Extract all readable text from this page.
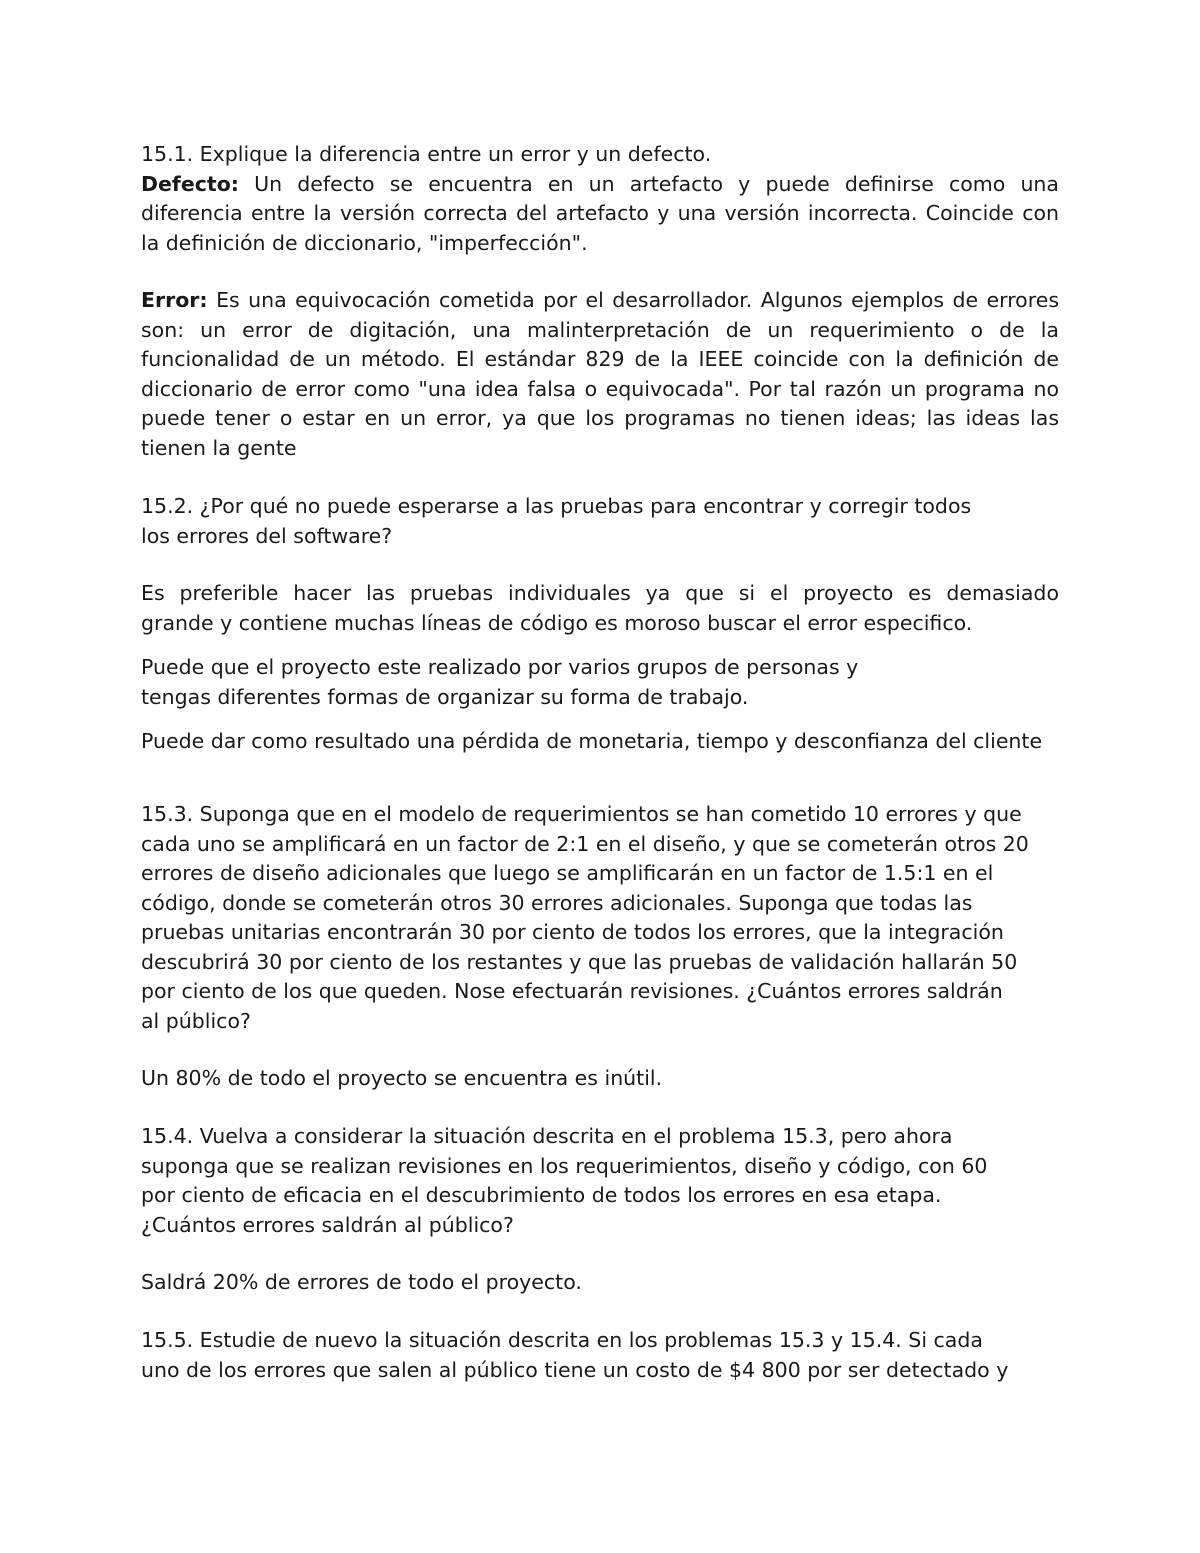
15.1. Explique la diferencia entre un error y un defecto.

Defecto: Un defecto se encuentra en un artefacto y puede definirse como una diferencia entre la versión correcta del artefacto y una versión incorrecta. Coincide con la definición de diccionario, "imperfección".

Error: Es una equivocación cometida por el desarrollador. Algunos ejemplos de errores son: un error de digitación, una malinterpretación de un requerimiento o de la funcionalidad de un método. El estándar 829 de la IEEE coincide con la definición de diccionario de error como "una idea falsa o equivocada". Por tal razón un programa no puede tener o estar en un error, ya que los programas no tienen ideas; las ideas las tienen la gente

15.2. ¿Por qué no puede esperarse a las pruebas para encontrar y corregir todos
los errores del software?

Es preferible hacer las pruebas individuales ya que si el proyecto es demasiado
grande y contiene muchas líneas de código es moroso buscar el error especifico.

Puede que el proyecto este realizado por varios grupos de personas y
tengas diferentes formas de organizar su forma de trabajo.

Puede dar como resultado una pérdida de monetaria, tiempo y desconfianza del cliente

15.3. Suponga que en el modelo de requerimientos se han cometido 10 errores y que
cada uno se amplificará en un factor de 2:1 en el diseño, y que se cometerán otros 20
errores de diseño adicionales que luego se amplificarán en un factor de 1.5:1 en el
código, donde se cometerán otros 30 errores adicionales. Suponga que todas las
pruebas unitarias encontrarán 30 por ciento de todos los errores, que la integración
descubrirá 30 por ciento de los restantes y que las pruebas de validación hallarán 50
por ciento de los que queden. Nose efectuarán revisiones. ¿Cuántos errores saldrán
al público?

Un 80% de todo el proyecto se encuentra es inútil.

15.4. Vuelva a considerar la situación descrita en el problema 15.3, pero ahora
suponga que se realizan revisiones en los requerimientos, diseño y código, con 60
por ciento de eficacia en el descubrimiento de todos los errores en esa etapa.
¿Cuántos errores saldrán al público?

Saldrá 20% de errores de todo el proyecto.

15.5. Estudie de nuevo la situación descrita en los problemas 15.3 y 15.4. Si cada
uno de los errores que salen al público tiene un costo de $4 800 por ser detectado y
